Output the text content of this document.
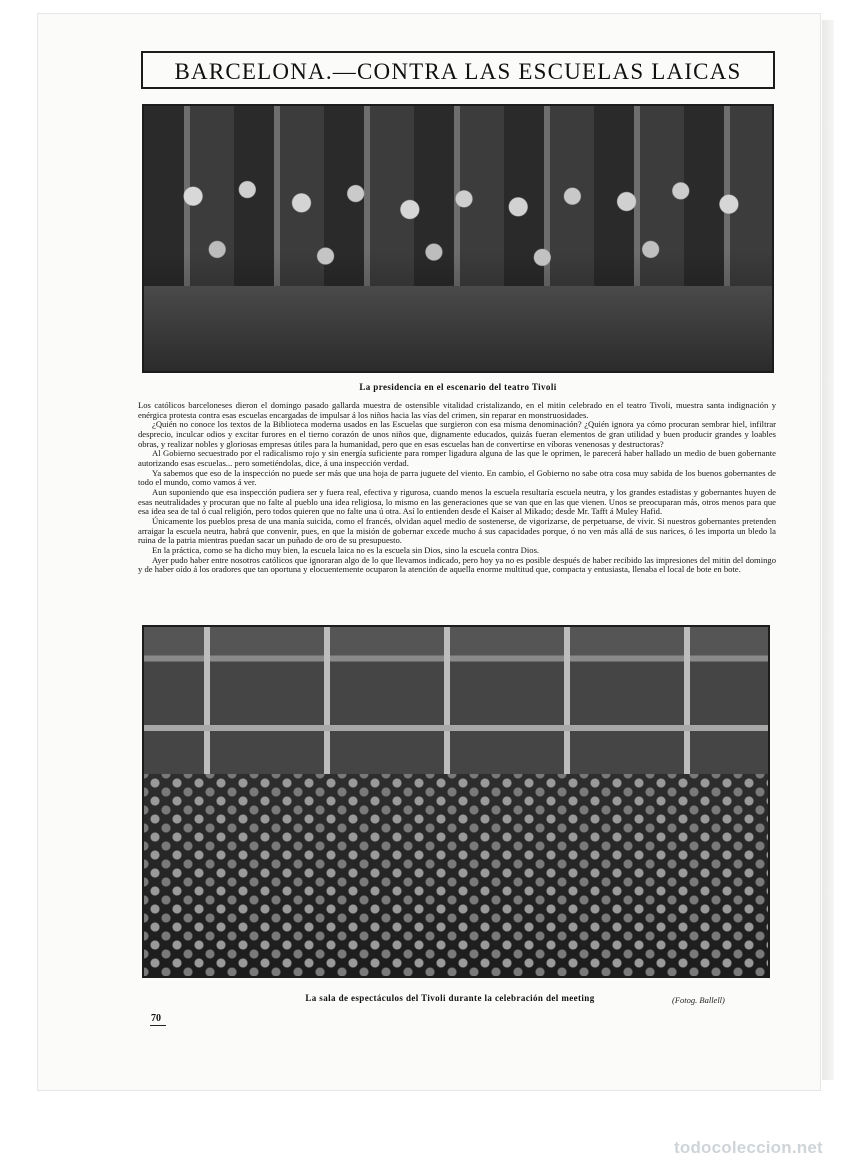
BARCELONA.—CONTRA LAS ESCUELAS LAICAS
La presidencia en el escenario del teatro Tivoli

Los católicos barceloneses dieron el domingo pasado gallarda muestra de ostensible vitalidad cristalizando, en el mitin celebrado en el teatro Tivoli, muestra santa indignación y enérgica protesta contra esas escuelas encargadas de impulsar á los niños hacia las vías del crimen, sin reparar en monstruosidades.

¿Quién no conoce los textos de la Biblioteca moderna usados en las Escuelas que surgieron con esa misma denominación? ¿Quién ignora ya cómo procuran sembrar hiel, infiltrar desprecio, inculcar odios y excitar furores en el tierno corazón de unos niños que, dignamente educados, quizás fueran elementos de gran utilidad y buen producir grandes y loables obras, y realizar nobles y gloriosas empresas útiles para la humanidad, pero que en esas escuelas han de convertirse en víboras venenosas y destructoras?

Al Gobierno secuestrado por el radicalismo rojo y sin energía suficiente para romper ligadura alguna de las que le oprimen, le parecerá haber hallado un medio de buen gobernante autorizando esas escuelas... pero sometiéndolas, dice, á una inspección verdad.

Ya sabemos que eso de la inspección no puede ser más que una hoja de parra juguete del viento. En cambio, el Gobierno no sabe otra cosa muy sabida de los buenos gobernantes de todo el mundo, como vamos á ver.

Aun suponiendo que esa inspección pudiera ser y fuera real, efectiva y rigurosa, cuando menos la escuela resultaría escuela neutra, y los grandes estadistas y gobernantes huyen de esas neutralidades y procuran que no falte al pueblo una idea religiosa, lo mismo en las generaciones que se van que en las que vienen. Unos se preocuparan más, otros menos para que esa idea sea de tal ó cual religión, pero todos quieren que no falte una ú otra. Así lo entienden desde el Kaiser al Mikado; desde Mr. Tafft á Muley Hafid.

Únicamente los pueblos presa de una manía suicida, como el francés, olvidan aquel medio de sostenerse, de vigorizarse, de perpetuarse, de vivir. Si nuestros gobernantes pretenden arraigar la escuela neutra, habrá que convenir, pues, en que la misión de gobernar excede mucho á sus capacidades porque, ó no ven más allá de sus narices, ó les importa un bledo la ruina de la patria mientras puedan sacar un puñado de oro de su presupuesto.

En la práctica, como se ha dicho muy bien, la escuela laica no es la escuela sin Dios, sino la escuela contra Dios.

Ayer pudo haber entre nosotros católicos que ignoraran algo de lo que llevamos indicado, pero hoy ya no es posible después de haber recibido las impresiones del mitin del domingo y de haber oído á los oradores que tan oportuna y elocuentemente ocuparon la atención de aquella enorme multitud que, compacta y entusiasta, llenaba el local de bote en bote.

La sala de espectáculos del Tivoli durante la celebración del meeting	(Fotog. Ballell)
70
todocoleccion.net
